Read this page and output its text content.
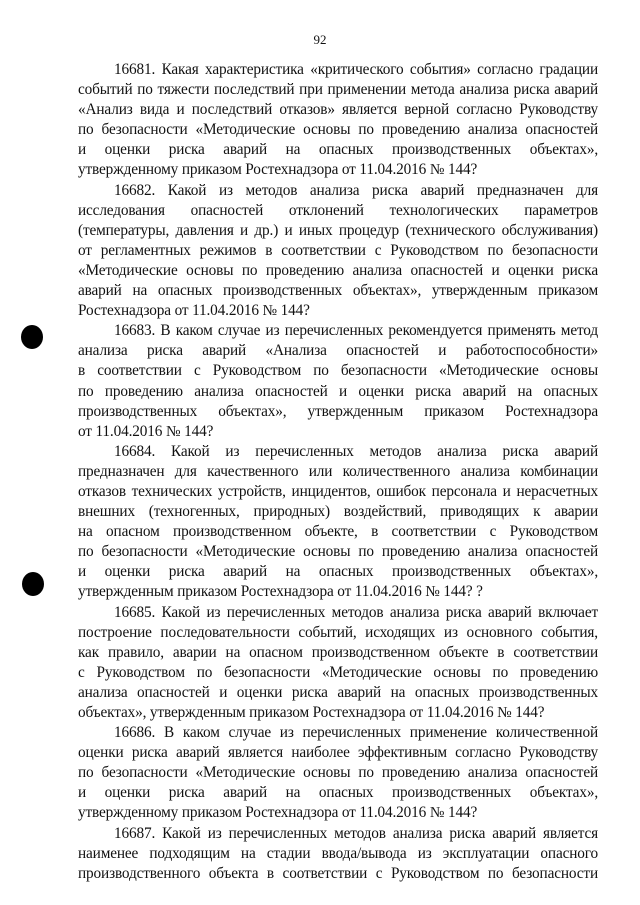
92
16681. Какая характеристика «критического события» согласно градации
событий по тяжести последствий при применении метода анализа риска аварий
«Анализ вида и последствий отказов» является верной согласно Руководству
по безопасности «Методические основы по проведению анализа опасностей
и оценки риска аварий на опасных производственных объектах»,
утвержденному приказом Ростехнадзора от 11.04.2016 № 144?
16682. Какой из методов анализа риска аварий предназначен для
исследования опасностей отклонений технологических параметров
(температуры, давления и др.) и иных процедур (технического обслуживания)
от регламентных режимов в соответствии с Руководством по безопасности
«Методические основы по проведению анализа опасностей и оценки риска
аварий на опасных производственных объектах», утвержденным приказом
Ростехнадзора от 11.04.2016 № 144?
16683. В каком случае из перечисленных рекомендуется применять метод
анализа риска аварий «Анализа опасностей и работоспособности»
в соответствии с Руководством по безопасности «Методические основы
по проведению анализа опасностей и оценки риска аварий на опасных
производственных объектах», утвержденным приказом Ростехнадзора
от 11.04.2016 № 144?
16684. Какой из перечисленных методов анализа риска аварий
предназначен для качественного или количественного анализа комбинации
отказов технических устройств, инцидентов, ошибок персонала и нерасчетных
внешних (техногенных, природных) воздействий, приводящих к аварии
на опасном производственном объекте, в соответствии с Руководством
по безопасности «Методические основы по проведению анализа опасностей
и оценки риска аварий на опасных производственных объектах»,
утвержденным приказом Ростехнадзора от 11.04.2016 № 144? ?
16685. Какой из перечисленных методов анализа риска аварий включает
построение последовательности событий, исходящих из основного события,
как правило, аварии на опасном производственном объекте в соответствии
с Руководством по безопасности «Методические основы по проведению
анализа опасностей и оценки риска аварий на опасных производственных
объектах», утвержденным приказом Ростехнадзора от 11.04.2016 № 144?
16686. В каком случае из перечисленных применение количественной
оценки риска аварий является наиболее эффективным согласно Руководству
по безопасности «Методические основы по проведению анализа опасностей
и оценки риска аварий на опасных производственных объектах»,
утвержденному приказом Ростехнадзора от 11.04.2016 № 144?
16687. Какой из перечисленных методов анализа риска аварий является
наименее подходящим на стадии ввода/вывода из эксплуатации опасного
производственного объекта в соответствии с Руководством по безопасности
